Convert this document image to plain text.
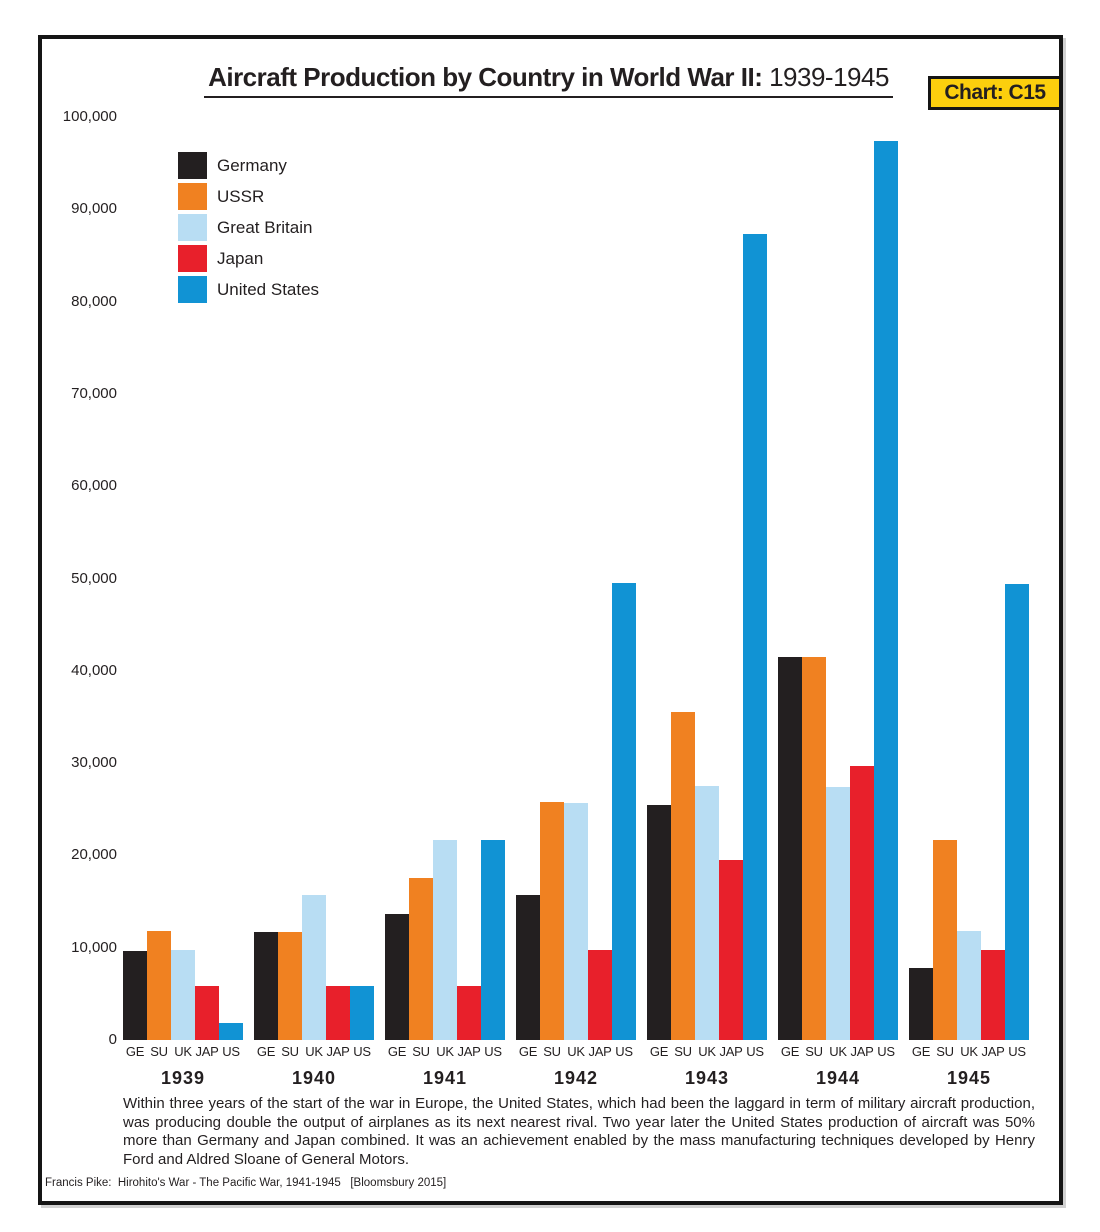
Aircraft Production by Country in World War II: 1939-1945
Chart: C15
0
10,000
20,000
30,000
40,000
50,000
60,000
70,000
80,000
90,000
100,000
GE SU UK JAP US
1939
GE SU UK JAP US
1940
GE SU UK JAP US
1941
GE SU UK JAP US
1942
GE SU UK JAP US
1943
GE SU UK JAP US
1944
GE SU UK JAP US
1945
Germany
USSR
Great Britain
Japan
United States
Within three years of the start of the war in Europe, the United States, which had been the laggard in term of military aircraft production, was producing double the output of airplanes as its next nearest rival. Two year later the United States production of aircraft was 50% more than Germany and Japan combined. It was an achievement enabled by the mass manufacturing techniques developed by Henry Ford and Aldred Sloane of General Motors.
Francis Pike:  Hirohito's War - The Pacific War, 1941-1945   [Bloomsbury 2015]
